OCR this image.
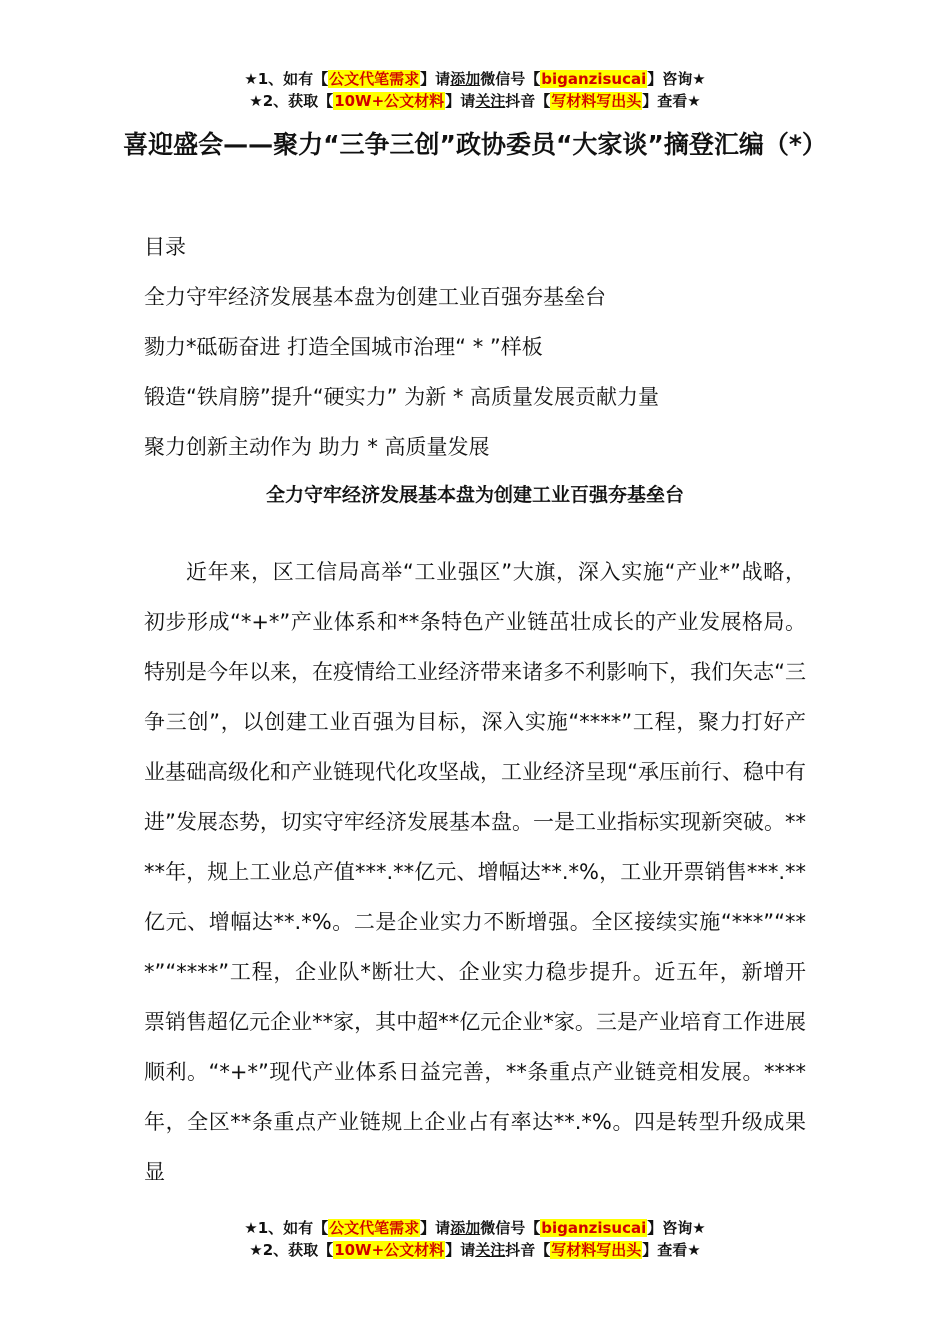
★1、如有【公文代笔需求】请添加微信号【biganzisucai】咨询★
★2、获取【10W+公文材料】请关注抖音【写材料写出头】查看★
喜迎盛会——聚力“三争三创”政协委员“大家谈”摘登汇编（*）
目录
全力守牢经济发展基本盘为创建工业百强夯基垒台
勠力*砥砺奋进 打造全国城市治理“ * ”样板
锻造“铁肩膀”提升“硬实力” 为新 * 高质量发展贡献力量
聚力创新主动作为 助力 * 高质量发展
全力守牢经济发展基本盘为创建工业百强夯基垒台

近年来，区工信局高举“工业强区”大旗，深入实施“产业*”战略，初步形成“*+*”产业体系和**条特色产业链茁壮成长的产业发展格局。特别是今年以来，在疫情给工业经济带来诸多不利影响下，我们矢志“三争三创”，以创建工业百强为目标，深入实施“****”工程，聚力打好产业基础高级化和产业链现代化攻坚战，工业经济呈现“承压前行、稳中有进”发展态势，切实守牢经济发展基本盘。一是工业指标实现新突破。****年，规上工业总产值***.**亿元、增幅达**.*%，工业开票销售***.**亿元、增幅达**.*%。二是企业实力不断增强。全区接续实施“***”“***”“****”工程，企业队*断壮大、企业实力稳步提升。近五年，新增开票销售超亿元企业**家，其中超**亿元企业*家。三是产业培育工作进展顺利。“*+*”现代产业体系日益完善，**条重点产业链竞相发展。****年，全区**条重点产业链规上企业占有率达**.*%。四是转型升级成果显

★1、如有【公文代笔需求】请添加微信号【biganzisucai】咨询★
★2、获取【10W+公文材料】请关注抖音【写材料写出头】查看★
